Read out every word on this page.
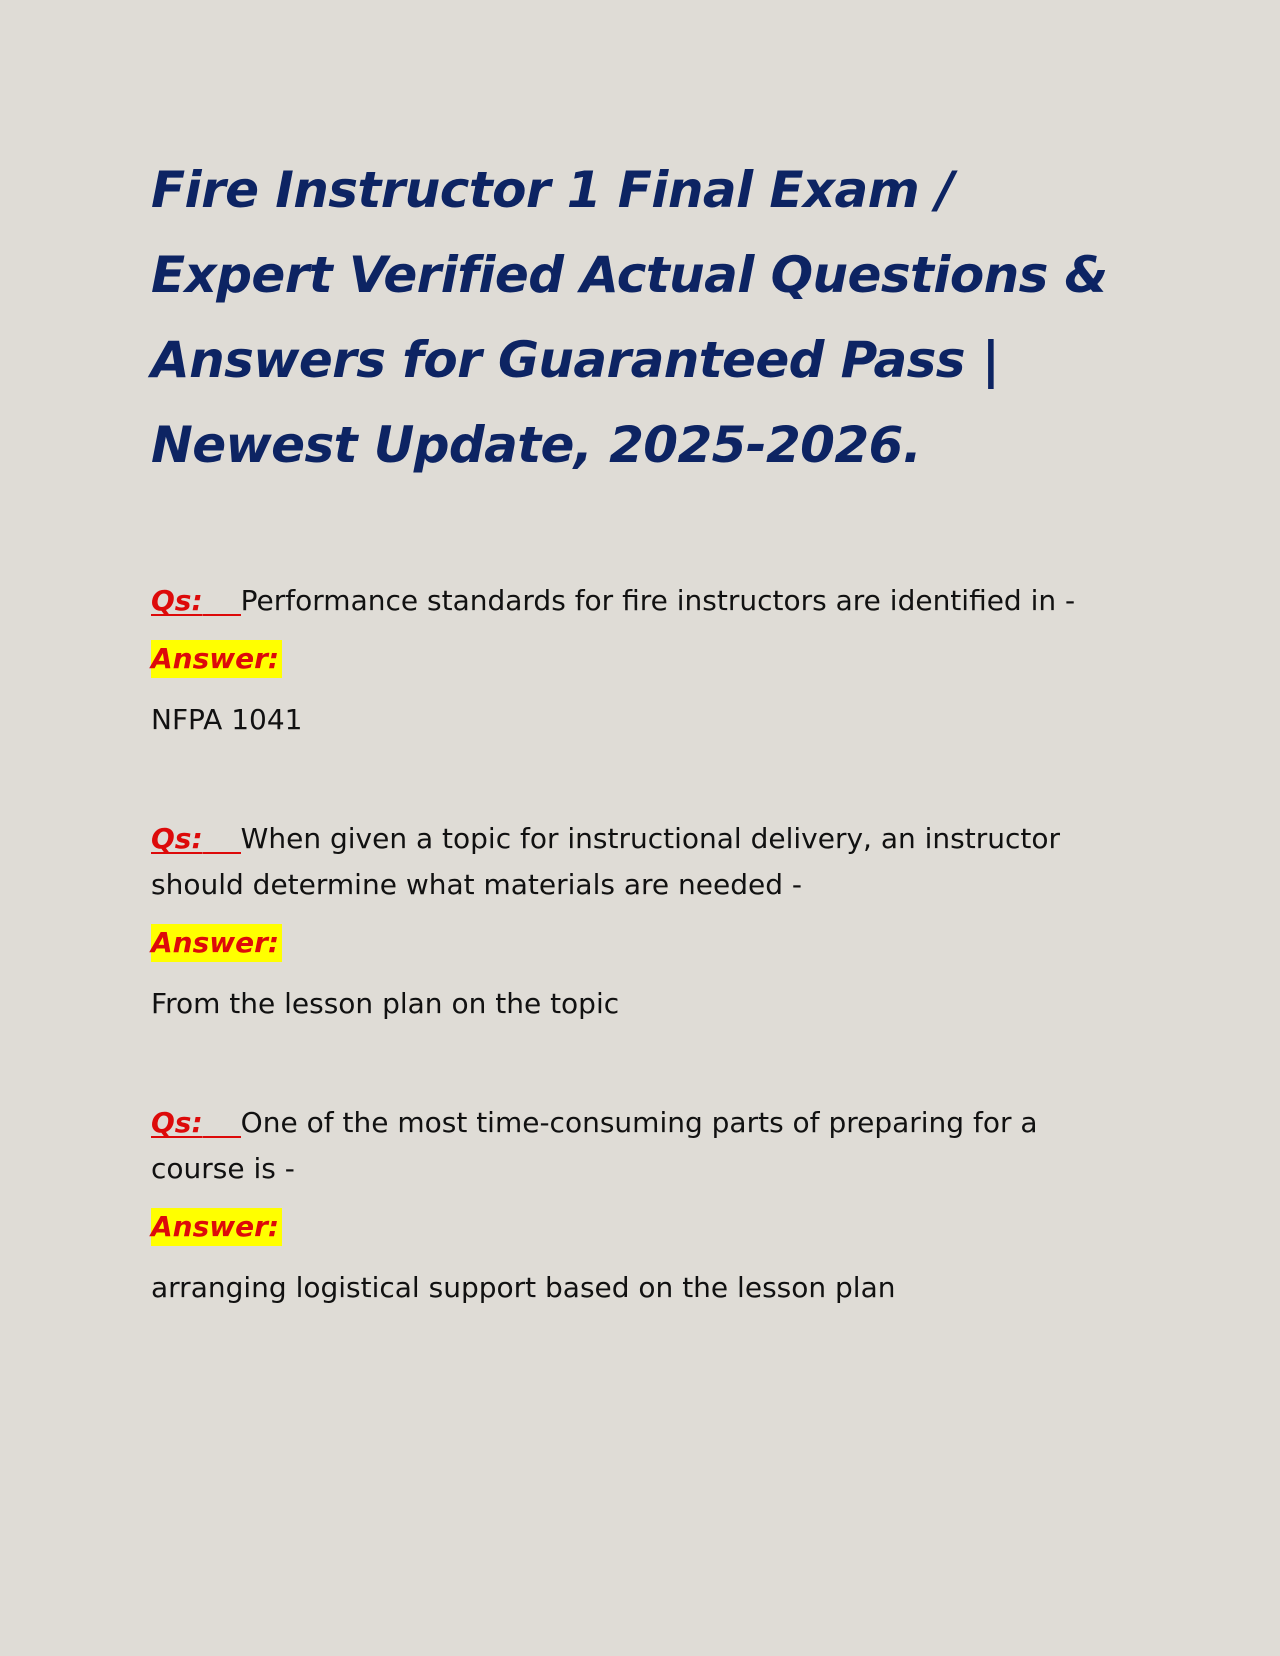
Fire Instructor 1 Final Exam / Expert Verified Actual Questions & Answers for Guaranteed Pass | Newest Update, 2025-2026.

Qs: Performance standards for fire instructors are identified in -

Answer:

NFPA 1041

Qs: When given a topic for instructional delivery, an instructor should determine what materials are needed -

Answer:

From the lesson plan on the topic

Qs: One of the most time-consuming parts of preparing for a course is -

Answer:

arranging logistical support based on the lesson plan
